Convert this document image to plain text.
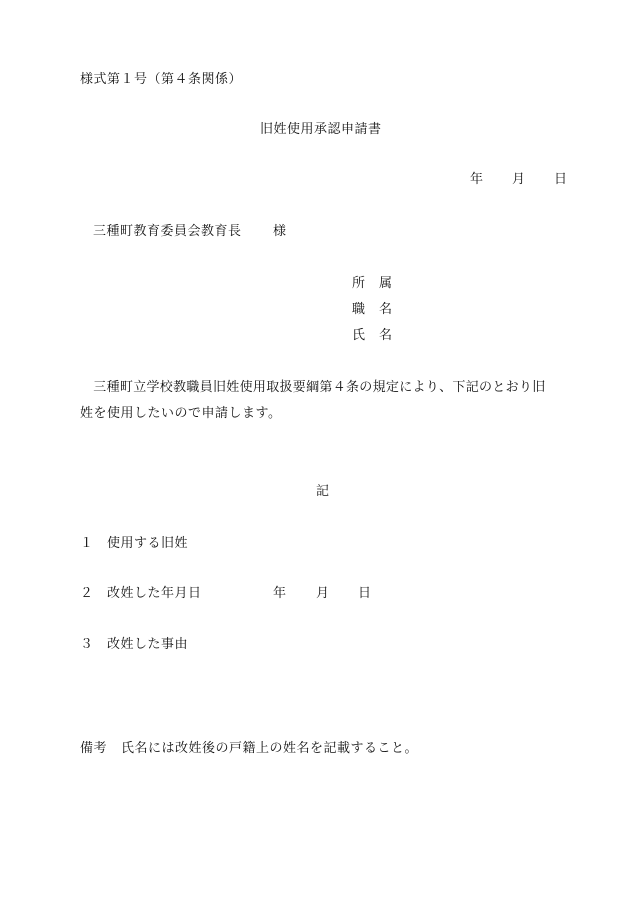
様式第１号（第４条関係）
旧姓使用承認申請書
年 月 日
三種町教育委員会教育長 様
所　属
職　名
氏　名
　三種町立学校教職員旧姓使用取扱要綱第４条の規定により、下記のとおり旧
姓を使用したいので申請します。
記
１ 使用する旧姓
２ 改姓した年月日	年 月 日
３ 改姓した事由
備考 氏名には改姓後の戸籍上の姓名を記載すること。
